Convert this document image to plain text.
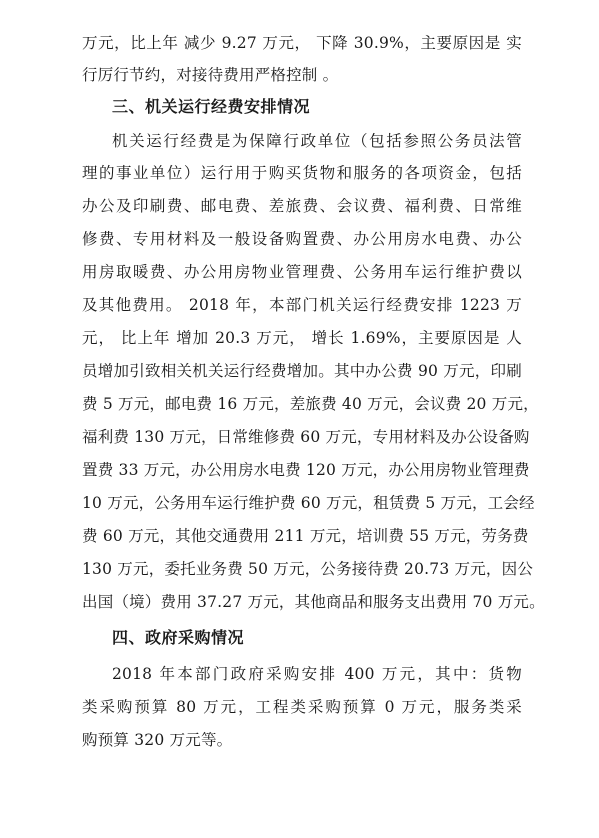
万元，比上年 减少 9.27 万元， 下降 30.9%，主要原因是 实
行厉行节约，对接待费用严格控制 。
三、机关运行经费安排情况
机关运行经费是为保障行政单位（包括参照公务员法管
理的事业单位）运行用于购买货物和服务的各项资金，包括
办公及印刷费、邮电费、差旅费、会议费、福利费、日常维
修费、专用材料及一般设备购置费、办公用房水电费、办公
用房取暖费、办公用房物业管理费、公务用车运行维护费以
及其他费用。 2018 年，本部门机关运行经费安排 1223 万
元， 比上年 增加 20.3 万元， 增长 1.69%，主要原因是 人
员增加引致相关机关运行经费增加。其中办公费 90 万元，印刷
费 5 万元，邮电费 16 万元，差旅费 40 万元，会议费 20 万元，
福利费 130 万元，日常维修费 60 万元，专用材料及办公设备购
置费 33 万元，办公用房水电费 120 万元，办公用房物业管理费
10 万元，公务用车运行维护费 60 万元，租赁费 5 万元，工会经
费 60 万元，其他交通费用 211 万元，培训费 55 万元，劳务费
130 万元，委托业务费 50 万元，公务接待费 20.73 万元，因公
出国（境）费用 37.27 万元，其他商品和服务支出费用 70 万元。
四、政府采购情况
2018 年本部门政府采购安排 400 万元，其中：货物
类采购预算 80 万元，工程类采购预算 0 万元，服务类采
购预算 320 万元等。
